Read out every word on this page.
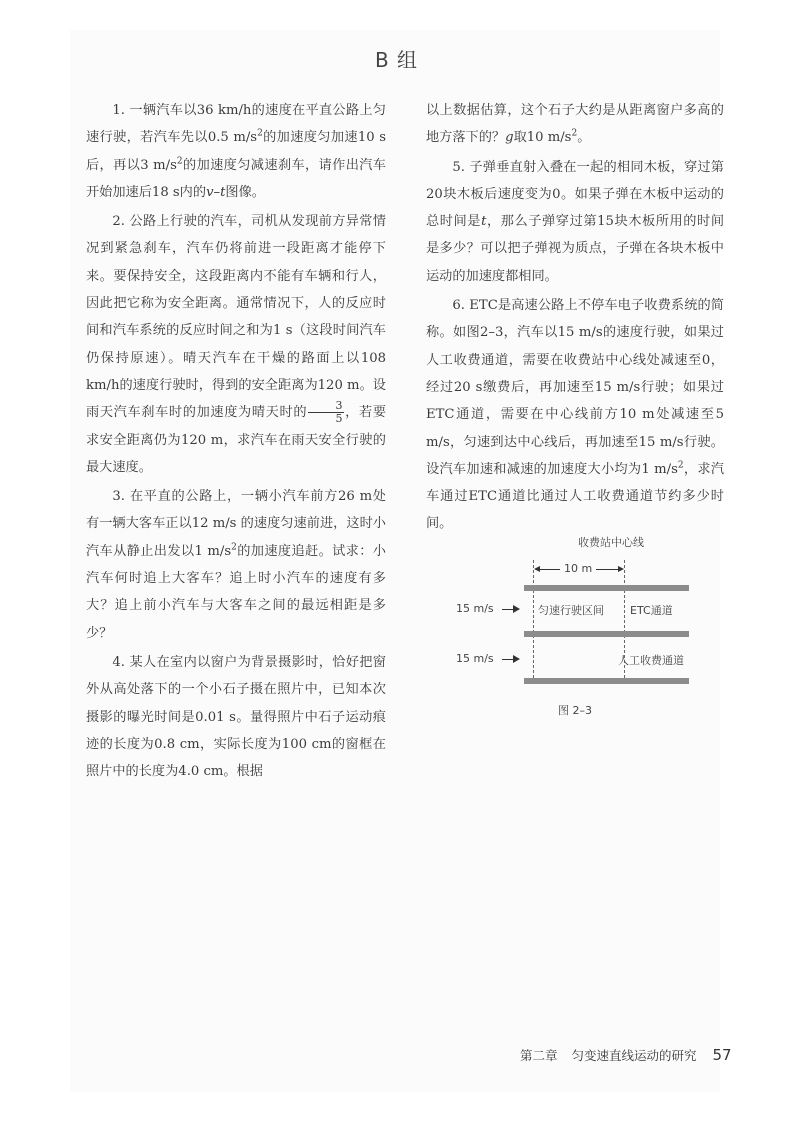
B 组

1. 一辆汽车以36 km/h的速度在平直公路上匀速行驶，若汽车先以0.5 $m/s^2$的加速度匀加速10 s后，再以3 $m/s^2$的加速度匀减速刹车，请作出汽车开始加速后18 s内的v–t图像。

2. 公路上行驶的汽车，司机从发现前方异常情况到紧急刹车，汽车仍将前进一段距离才能停下来。要保持安全，这段距离内不能有车辆和行人，因此把它称为安全距离。通常情况下，人的反应时间和汽车系统的反应时间之和为1 s（这段时间汽车仍保持原速）。晴天汽车在干燥的路面上以108 km/h的速度行驶时，得到的安全距离为120 m。设雨天汽车刹车时的加速度为晴天时的 $\frac{3}{5}$ ，若要求安全距离仍为120 m，求汽车在雨天安全行驶的最大速度。

3. 在平直的公路上，一辆小汽车前方26 m处有一辆大客车正以12 m/s 的速度匀速前进，这时小汽车从静止出发以1 $m/s^2$的加速度追赶。试求：小汽车何时追上大客车？追上时小汽车的速度有多大？追上前小汽车与大客车之间的最远相距是多少？

4. 某人在室内以窗户为背景摄影时，恰好把窗外从高处落下的一个小石子摄在照片中，已知本次摄影的曝光时间是0.01 s。量得照片中石子运动痕迹的长度为0.8 cm，实际长度为100 cm的窗框在照片中的长度为4.0 cm。根据

以上数据估算，这个石子大约是从距离窗户多高的地方落下的？g取10 $m/s^2$。

5. 子弹垂直射入叠在一起的相同木板，穿过第20块木板后速度变为0。如果子弹在木板中运动的总时间是t，那么子弹穿过第15块木板所用的时间是多少？可以把子弹视为质点，子弹在各块木板中运动的加速度都相同。

6. ETC是高速公路上不停车电子收费系统的简称。如图2–3，汽车以15 m/s的速度行驶，如果过人工收费通道，需要在收费站中心线处减速至0，经过20 s缴费后，再加速至15 m/s行驶；如果过ETC通道，需要在中心线前方10 m处减速至5 m/s，匀速到达中心线后，再加速至15 m/s行驶。设汽车加速和减速的加速度大小均为1 $m/s^2$，求汽车通过ETC通道比通过人工收费通道节约多少时间。

收费站中心线
10 m
15 m/s	匀速行驶区间 ETC通道
15 m/s	人工收费通道
图 2–3
第二章 匀变速直线运动的研究 57
